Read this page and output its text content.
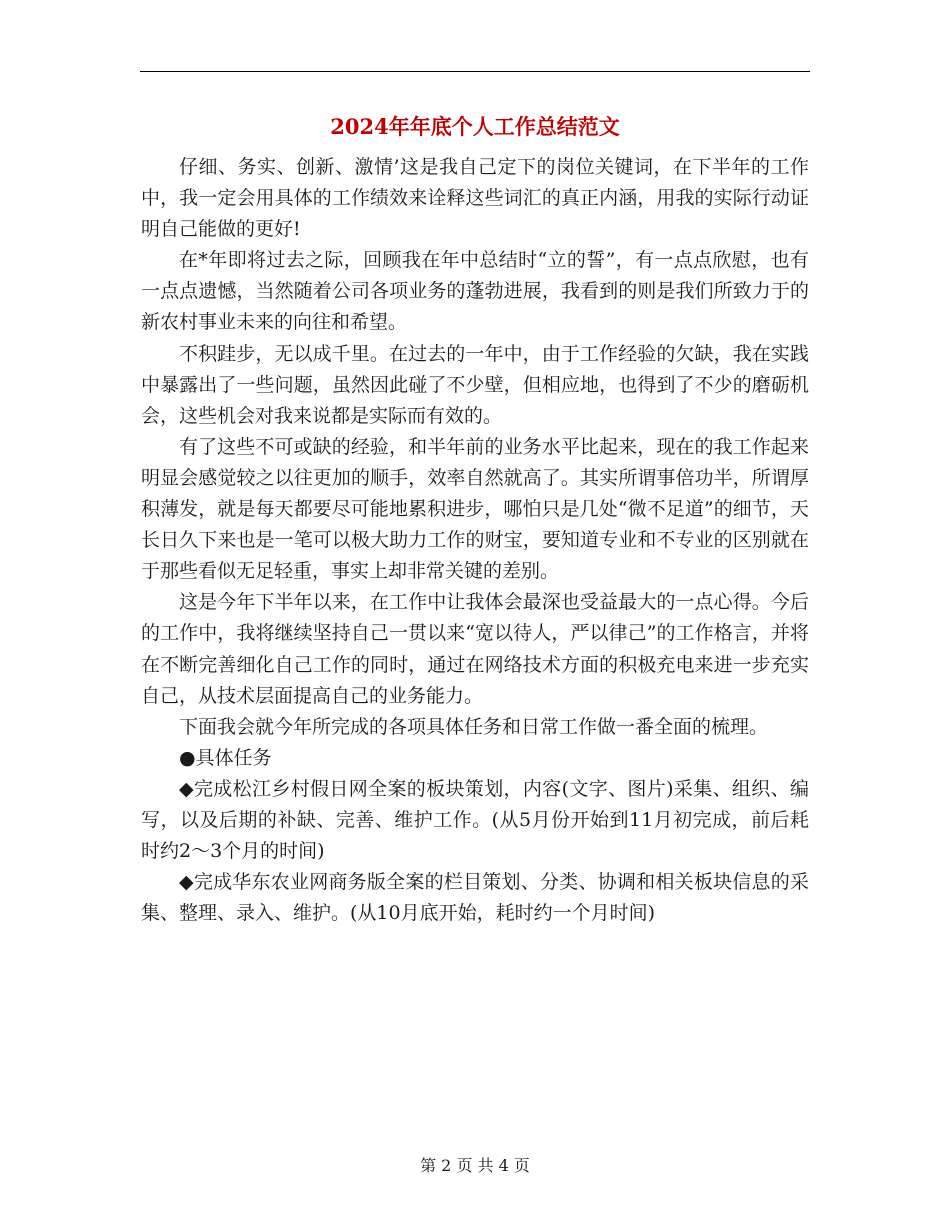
2024年年底个人工作总结范文

仔细、务实、创新、激情’这是我自己定下的岗位关键词，在下半年的工作中，我一定会用具体的工作绩效来诠释这些词汇的真正内涵，用我的实际行动证明自己能做的更好!

在*年即将过去之际，回顾我在年中总结时“立的誓”，有一点点欣慰，也有一点点遗憾，当然随着公司各项业务的蓬勃进展，我看到的则是我们所致力于的新农村事业未来的向往和希望。

不积跬步，无以成千里。在过去的一年中，由于工作经验的欠缺，我在实践中暴露出了一些问题，虽然因此碰了不少壁，但相应地，也得到了不少的磨砺机会，这些机会对我来说都是实际而有效的。

有了这些不可或缺的经验，和半年前的业务水平比起来，现在的我工作起来明显会感觉较之以往更加的顺手，效率自然就高了。其实所谓事倍功半，所谓厚积薄发，就是每天都要尽可能地累积进步，哪怕只是几处“微不足道”的细节，天长日久下来也是一笔可以极大助力工作的财宝，要知道专业和不专业的区别就在于那些看似无足轻重，事实上却非常关键的差别。

这是今年下半年以来，在工作中让我体会最深也受益最大的一点心得。今后的工作中，我将继续坚持自己一贯以来“宽以待人，严以律己”的工作格言，并将在不断完善细化自己工作的同时，通过在网络技术方面的积极充电来进一步充实自己，从技术层面提高自己的业务能力。

下面我会就今年所完成的各项具体任务和日常工作做一番全面的梳理。

●具体任务

◆完成松江乡村假日网全案的板块策划，内容(文字、图片)采集、组织、编写，以及后期的补缺、完善、维护工作。(从5月份开始到11月初完成，前后耗时约2～3个月的时间)

◆完成华东农业网商务版全案的栏目策划、分类、协调和相关板块信息的采集、整理、录入、维护。(从10月底开始，耗时约一个月时间)

第 2 页 共 4 页
